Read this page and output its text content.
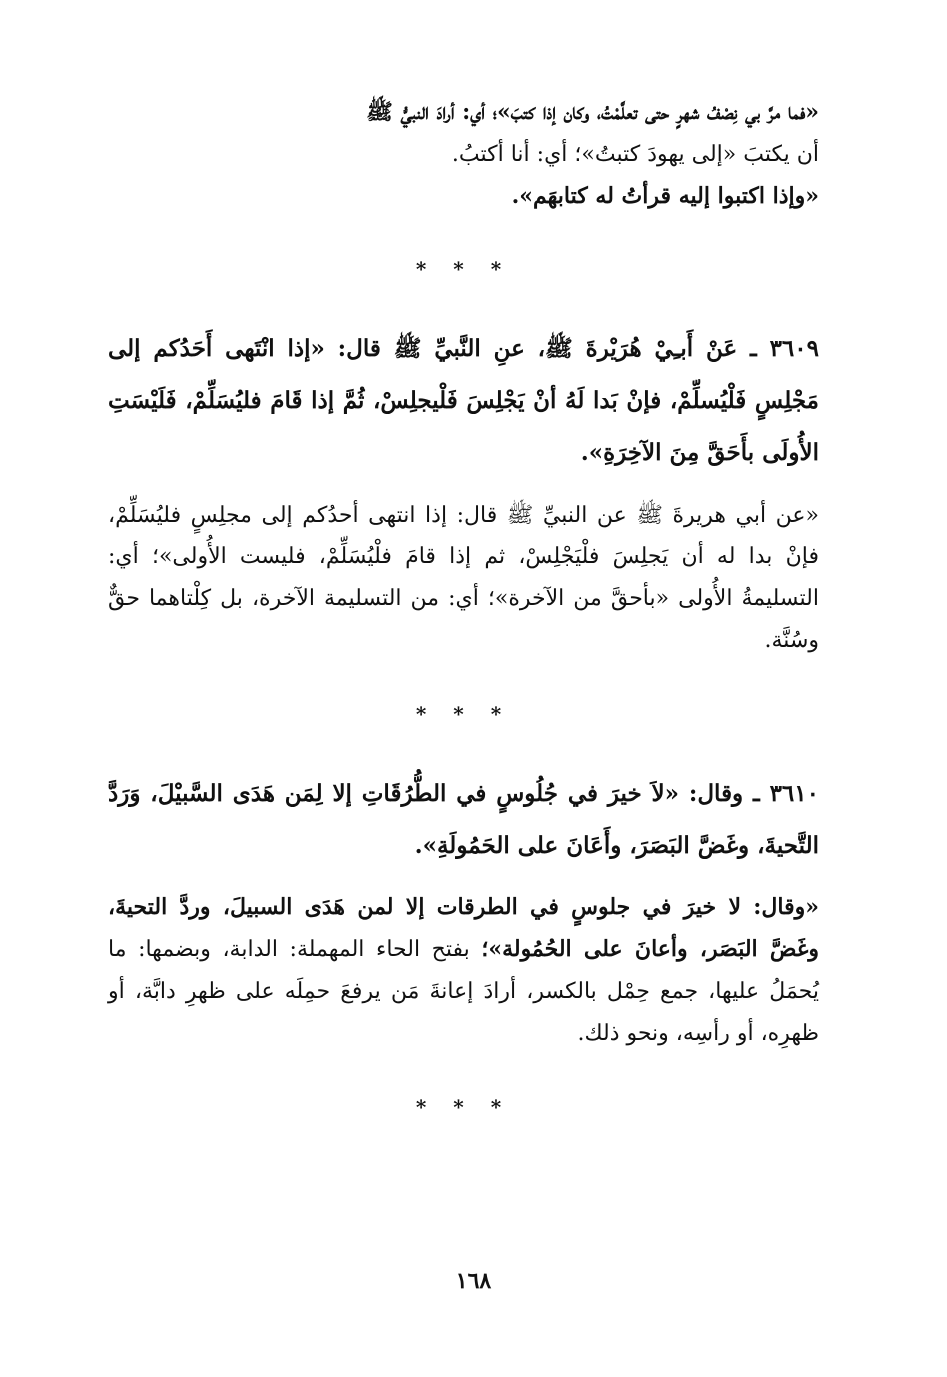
«فما مرَّ بي نِصْفُ شهرٍ حتى تعلَّمْتُ، وكان إذا كتبَ»؛ أي: أرادَ النبيُّ ﷺ

أن يكتبَ «إلى يهودَ كتبتُ»؛ أي: أنا أكتبُ.

«وإذا اكتبوا إليه قرأتُ له كتابهَم».

* * *

٣٦٠٩ ـ عَنْ أَبـِيْ هُرَيْرةَ ﷺ، عنِ النَّبيِّ ﷺ قال: «إذا انْتَهى أَحَدُكم إلى مَجْلِسٍ فَلْيُسلِّمْ، فإنْ بَدا لَهُ أنْ يَجْلِسَ فَلْيجلِسْ، ثُمَّ إذا قَامَ فليُسَلِّمْ، فَلَيْسَتِ الأُولَى بأَحَقَّ مِنَ الآخِرَةِ».

«عن أبي هريرةَ ﷺ عن النبيِّ ﷺ قال: إذا انتهى أحدُكم إلى مجلِسٍ فليُسَلِّمْ، فإنْ بدا له أن يَجلِسَ فلْيَجْلِسْ، ثم إذا قامَ فلْيُسَلِّمْ، فليست الأُولى»؛ أي: التسليمةُ الأُولى «بأحقَّ من الآخرة»؛ أي: من التسليمة الآخرة، بل كِلْتاهما حقٌّ وسُنَّة.

* * *

٣٦١٠ ـ وقال: «لاَ خيرَ في جُلُوسٍ في الطُّرُقَاتِ إلا لِمَن هَدَى السَّبيْلَ، وَرَدَّ التَّحيةَ، وغَضَّ البَصَرَ، وأَعَانَ على الحَمُولَةِ».

«وقال: لا خيرَ في جلوسٍ في الطرقات إلا لمن هَدَى السبيلَ، وردَّ التحيةَ، وغَضَّ البَصَر، وأعانَ على الحُمُولة»؛ بفتح الحاء المهملة: الدابة، وبضمها: ما يُحمَلُ عليها، جمع حِمْل بالكسر، أرادَ إعانةَ مَن يرفعَ حمِلَه على ظهرِ دابَّة، أو ظهرِه، أو رأسِه، ونحو ذلك.

* * *
١٦٨
